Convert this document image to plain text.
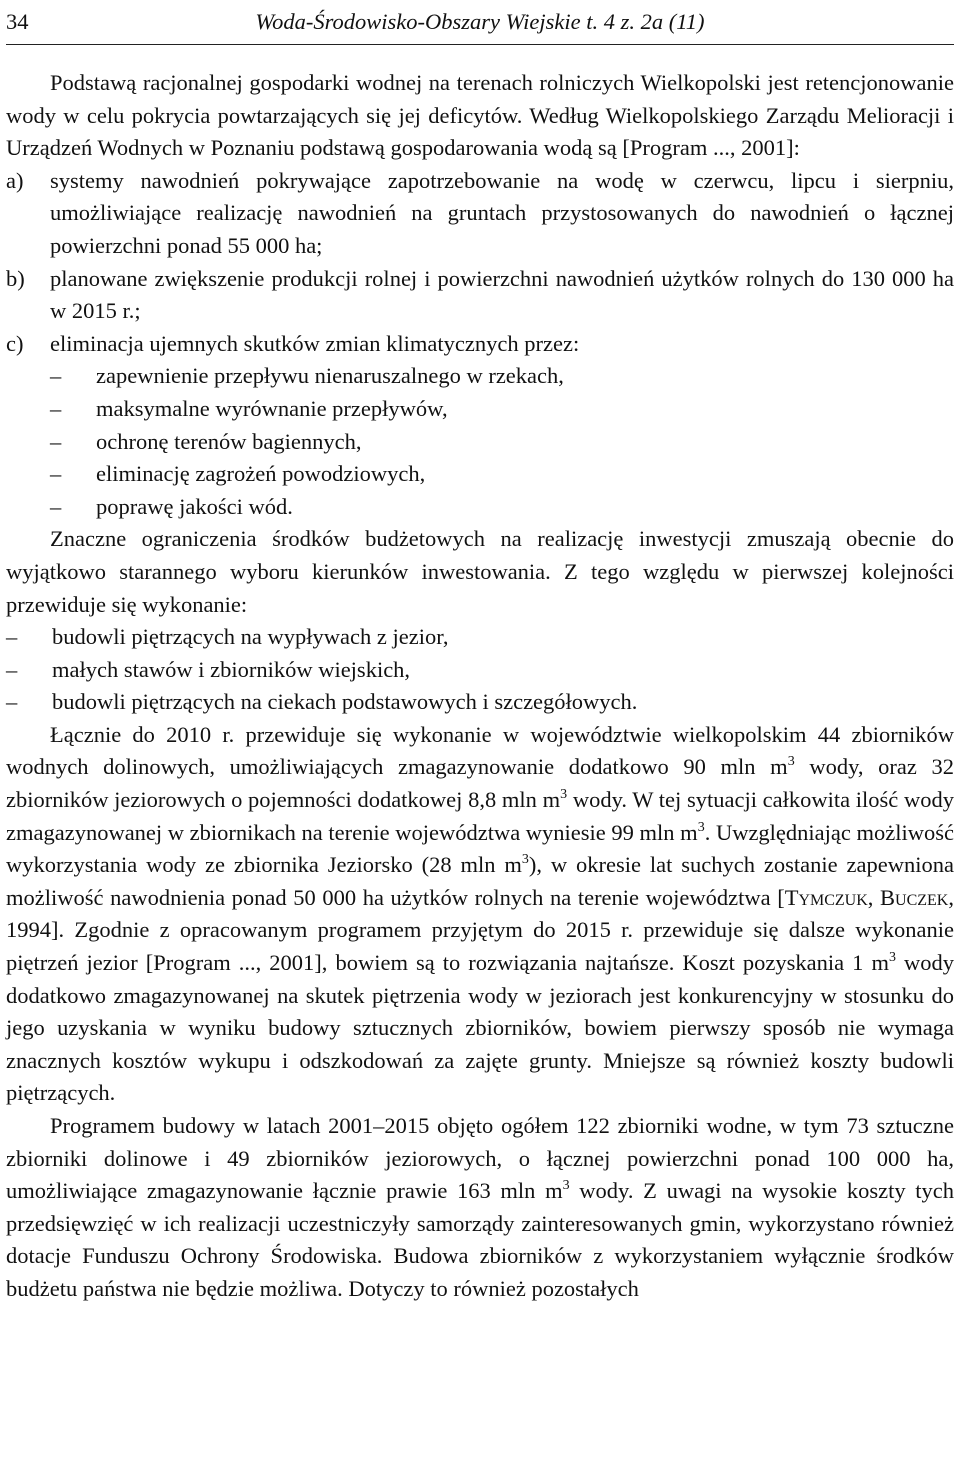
34	Woda-Środowisko-Obszary Wiejskie t. 4 z. 2a (11)

Podstawą racjonalnej gospodarki wodnej na terenach rolniczych Wielkopolski jest retencjonowanie wody w celu pokrycia powtarzających się jej deficytów. Według Wielkopolskiego Zarządu Melioracji i Urządzeń Wodnych w Poznaniu podstawą gospodarowania wodą są [Program ..., 2001]:

a) systemy nawodnień pokrywające zapotrzebowanie na wodę w czerwcu, lipcu i sierpniu, umożliwiające realizację nawodnień na gruntach przystosowanych do nawodnień o łącznej powierzchni ponad 55 000 ha;
b) planowane zwiększenie produkcji rolnej i powierzchni nawodnień użytków rolnych do 130 000 ha w 2015 r.;
c) eliminacja ujemnych skutków zmian klimatycznych przez:
– zapewnienie przepływu nienaruszalnego w rzekach,
– maksymalne wyrównanie przepływów,
– ochronę terenów bagiennych,
– eliminację zagrożeń powodziowych,
– poprawę jakości wód.

Znaczne ograniczenia środków budżetowych na realizację inwestycji zmuszają obecnie do wyjątkowo starannego wyboru kierunków inwestowania. Z tego względu w pierwszej kolejności przewiduje się wykonanie:

– budowli piętrzących na wypływach z jezior,
– małych stawów i zbiorników wiejskich,
– budowli piętrzących na ciekach podstawowych i szczegółowych.

Łącznie do 2010 r. przewiduje się wykonanie w województwie wielkopolskim 44 zbiorników wodnych dolinowych, umożliwiających zmagazynowanie dodatkowo 90 mln $m^3$ wody, oraz 32 zbiorników jeziorowych o pojemności dodatkowej 8,8 mln $m^3$ wody. W tej sytuacji całkowita ilość wody zmagazynowanej w zbiornikach na terenie województwa wyniesie 99 mln $m^3$. Uwzględniając możliwość wykorzystania wody ze zbiornika Jeziorsko (28 mln $m^3$), w okresie lat suchych zostanie zapewniona możliwość nawodnienia ponad 50 000 ha użytków rolnych na terenie województwa [Tymczuk, Buczek, 1994]. Zgodnie z opracowanym programem przyjętym do 2015 r. przewiduje się dalsze wykonanie piętrzeń jezior [Program ..., 2001], bowiem są to rozwiązania najtańsze. Koszt pozyskania 1 $m^3$ wody dodatkowo zmagazynowanej na skutek piętrzenia wody w jeziorach jest konkurencyjny w stosunku do jego uzyskania w wyniku budowy sztucznych zbiorników, bowiem pierwszy sposób nie wymaga znacznych kosztów wykupu i odszkodowań za zajęte grunty. Mniejsze są również koszty budowli piętrzących.

Programem budowy w latach 2001–2015 objęto ogółem 122 zbiorniki wodne, w tym 73 sztuczne zbiorniki dolinowe i 49 zbiorników jeziorowych, o łącznej powierzchni ponad 100 000 ha, umożliwiające zmagazynowanie łącznie prawie 163 mln $m^3$ wody. Z uwagi na wysokie koszty tych przedsięwzięć w ich realizacji uczestniczyły samorządy zainteresowanych gmin, wykorzystano również dotacje Funduszu Ochrony Środowiska. Budowa zbiorników z wykorzystaniem wyłącznie środków budżetu państwa nie będzie możliwa. Dotyczy to również pozostałych
